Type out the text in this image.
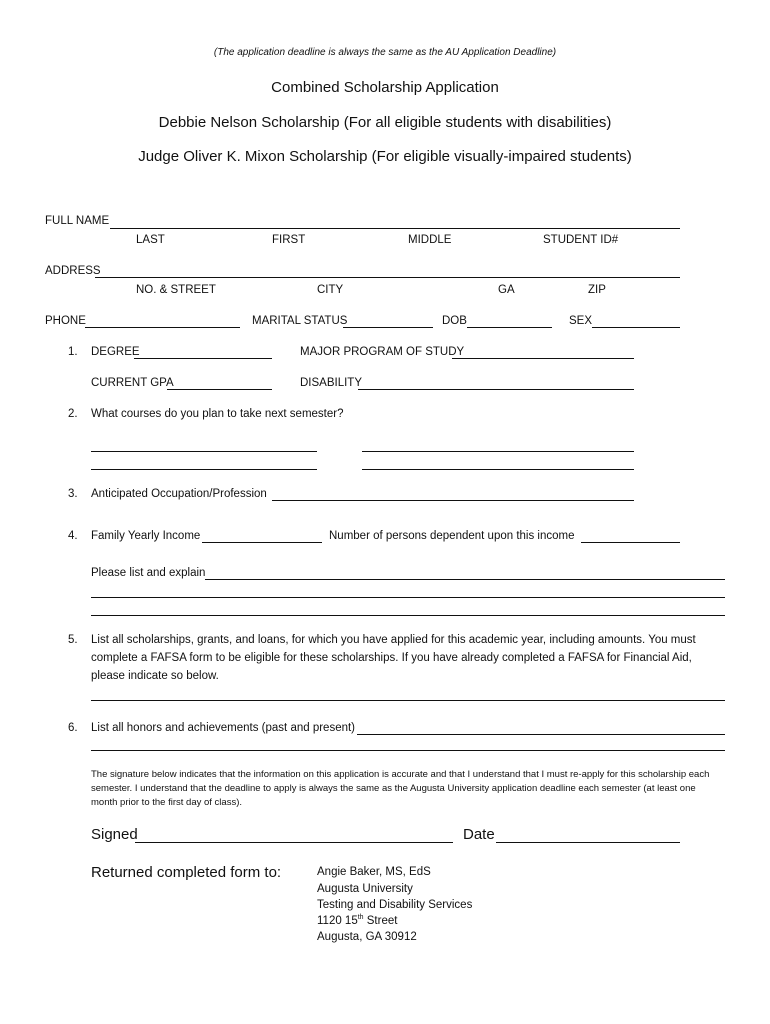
(The application deadline is always the same as the AU Application Deadline)
Combined Scholarship Application
Debbie Nelson Scholarship (For all eligible students with disabilities)
Judge Oliver K. Mixon Scholarship (For eligible visually-impaired students)
FULL NAME
LAST	FIRST	MIDDLE	STUDENT ID#
ADDRESS
NO. & STREET	CITY	GA	ZIP
PHONE	MARITAL STATUS	DOB	SEX
1. DEGREE	MAJOR PROGRAM OF STUDY
CURRENT GPA	DISABILITY
2. What courses do you plan to take next semester?
3. Anticipated Occupation/Profession
4. Family Yearly Income	Number of persons dependent upon this income
Please list and explain
5. List all scholarships, grants, and loans, for which you have applied for this academic year, including amounts. You must complete a FAFSA form to be eligible for these scholarships. If you have already completed a FAFSA for Financial Aid, please indicate so below.
6. List all honors and achievements (past and present)
The signature below indicates that the information on this application is accurate and that I understand that I must re-apply for this scholarship each semester. I understand that the deadline to apply is always the same as the Augusta University application deadline each semester (at least one month prior to the first day of class).
Signed	Date
Returned completed form to:	Angie Baker, MS, EdS
Augusta University
Testing and Disability Services
1120 15th Street
Augusta, GA 30912
